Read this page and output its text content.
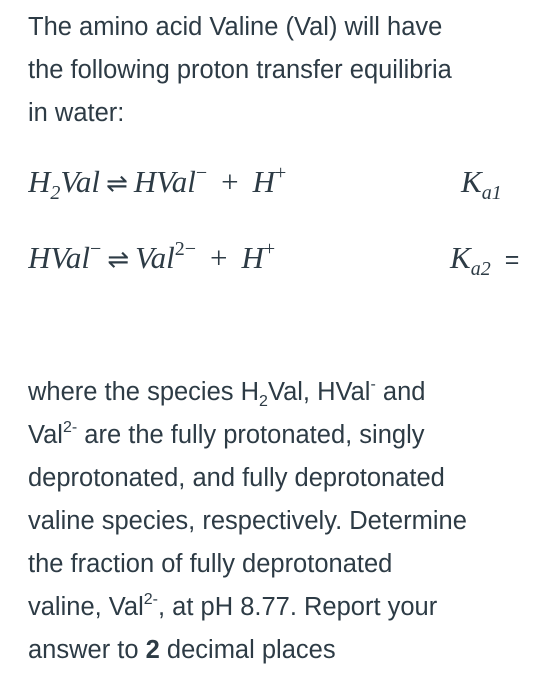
The amino acid Valine (Val) will have
the following proton transfer equilibria
in water:

$H_2Val$ ⇌ HVal− + H+	$K_{a1}$
HVal− ⇌ Val$^{2-}$ + H+	$K_{a2}$ =

where the species $H_2Val$, HVal- and
Val$^{2-}$ are the fully protonated, singly
deprotonated, and fully deprotonated
valine species, respectively. Determine
the fraction of fully deprotonated
valine, Val$^{2-}$, at pH 8.77. Report your
answer to 2 decimal places
